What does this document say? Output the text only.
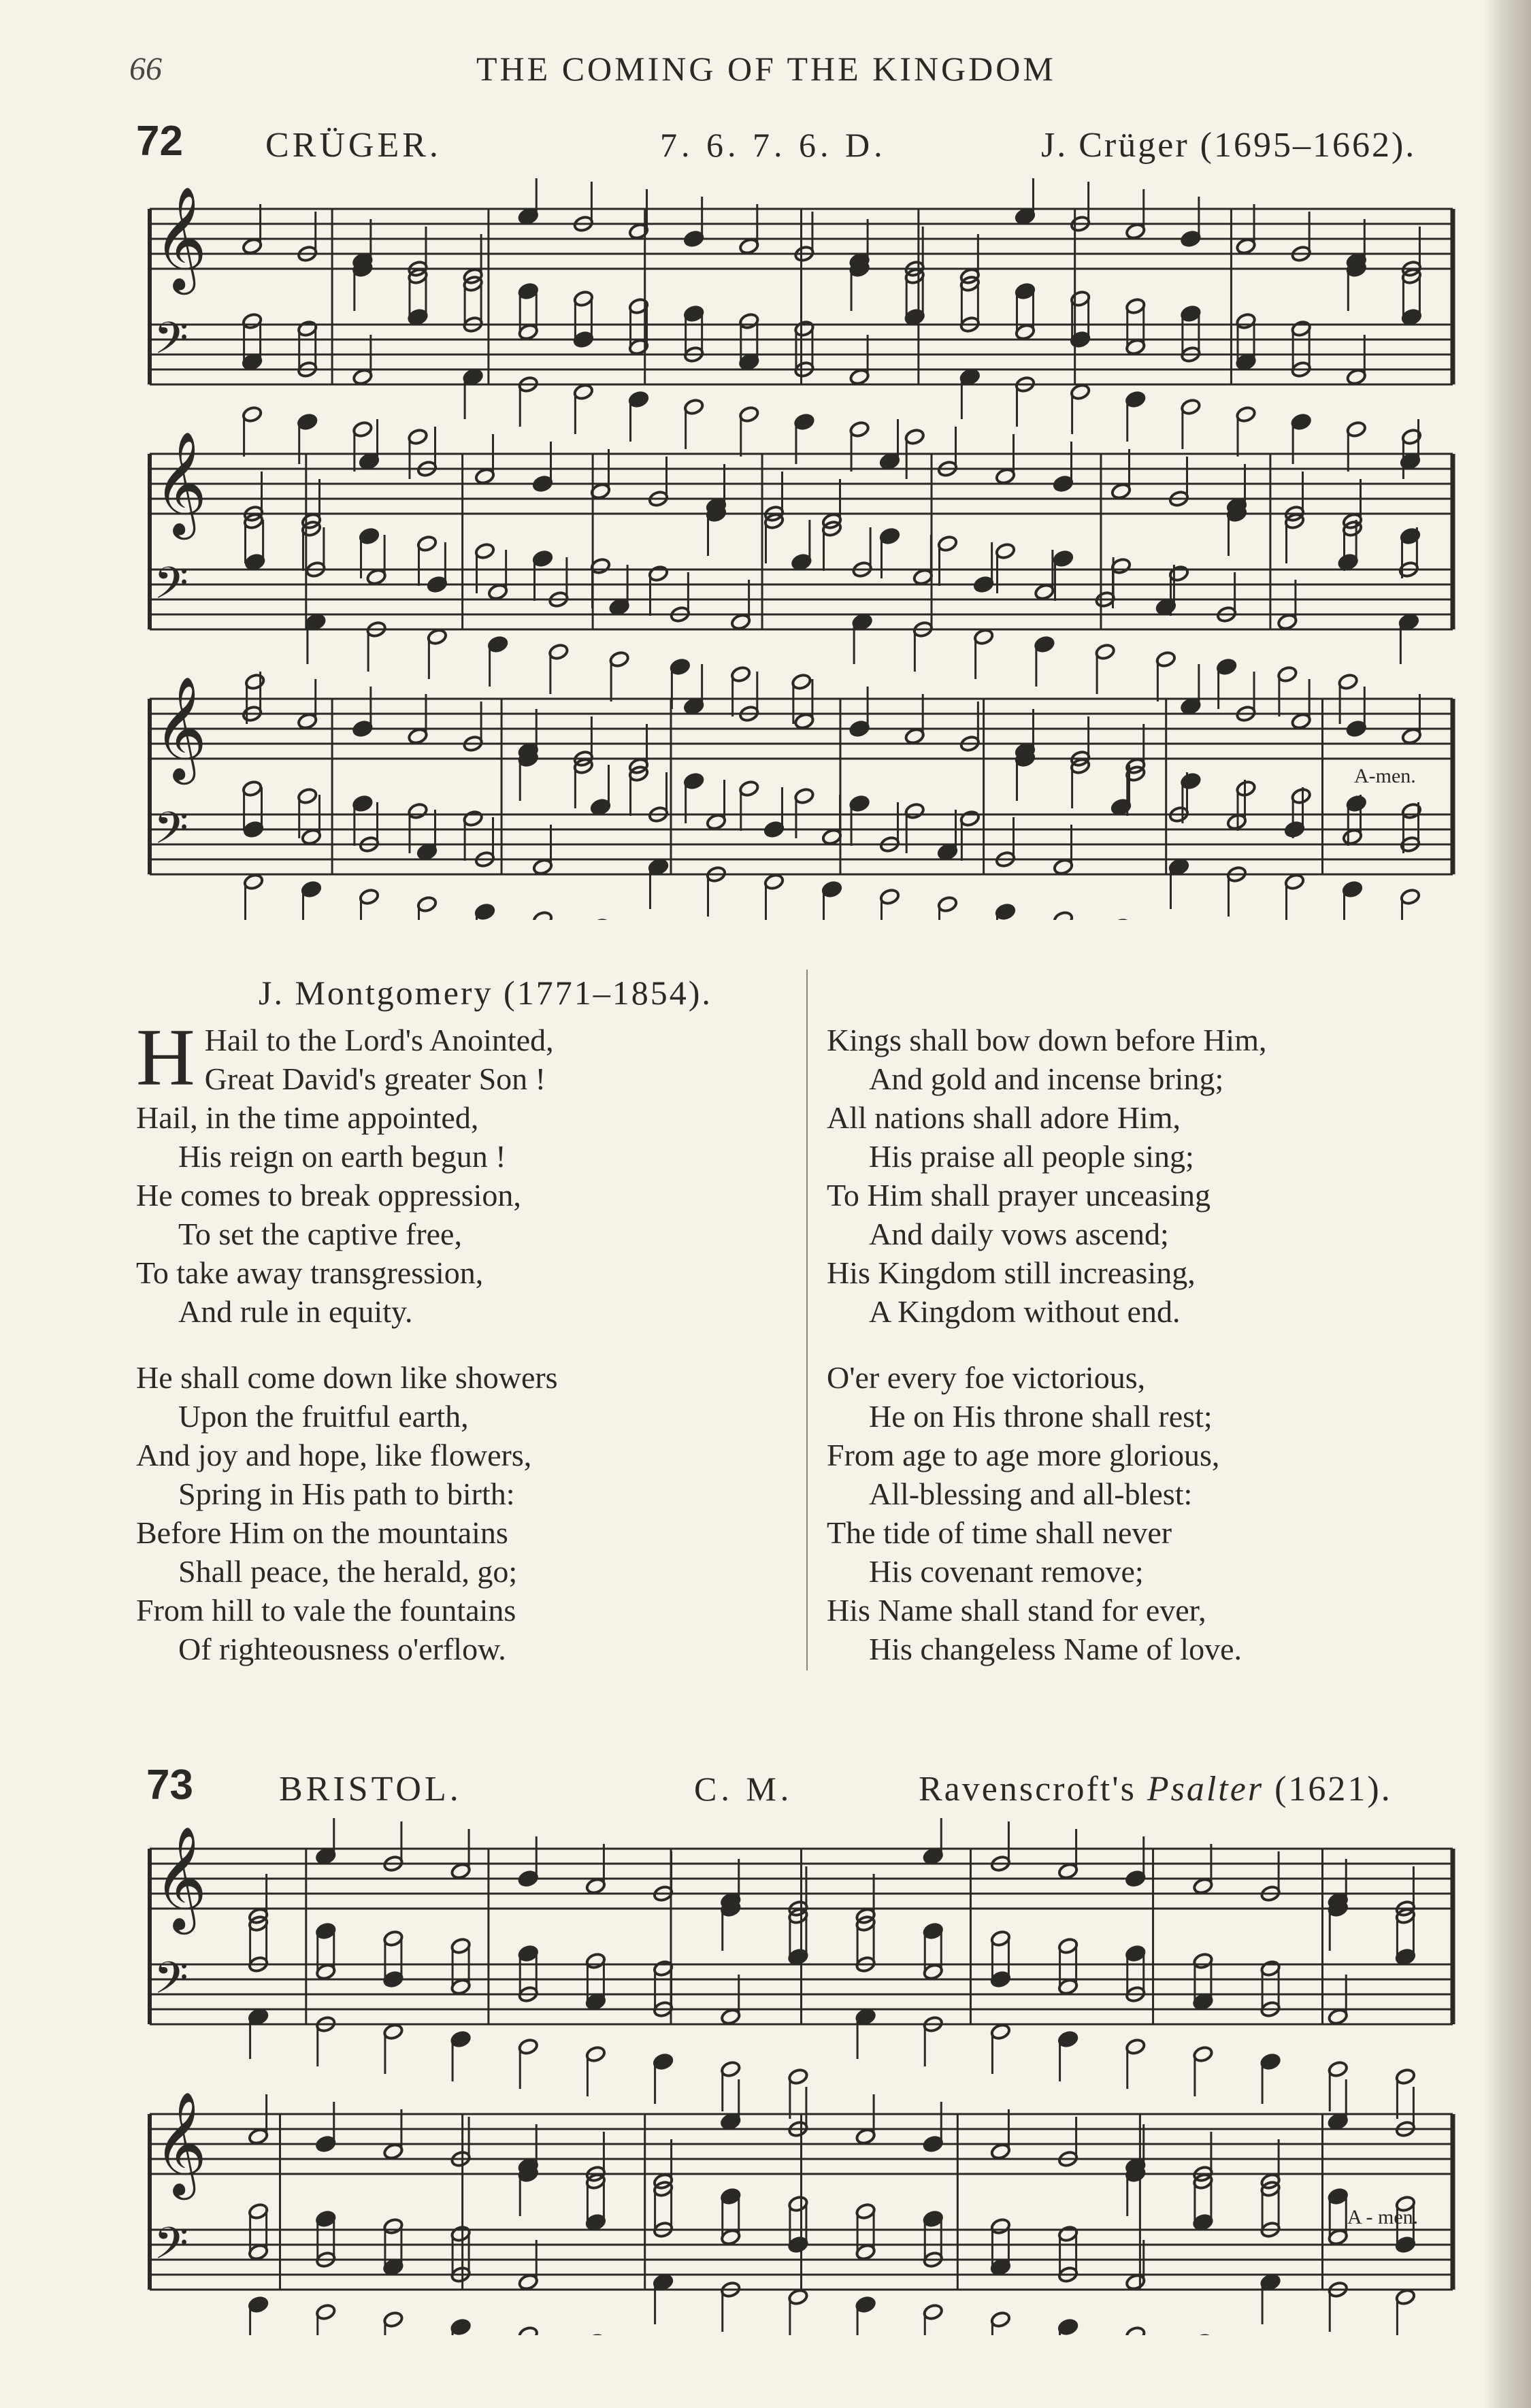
66	THE COMING OF THE KINGDOM
72 CRÜGER.	7. 6. 7. 6. D.	J. Crüger (1695–1662).
𝄞
𝄢
𝄞
𝄢
𝄞
𝄢
A-men.
J. Montgomery (1771–1854).
H Hail to the Lord's Anointed,
Great David's greater Son !
Hail, in the time appointed,
His reign on earth begun !
He comes to break oppression,
To set the captive free,
To take away transgression,
And rule in equity.
He shall come down like showers
Upon the fruitful earth,
And joy and hope, like flowers,
Spring in His path to birth:
Before Him on the mountains
Shall peace, the herald, go;
From hill to vale the fountains
Of righteousness o'erflow.
Kings shall bow down before Him,
And gold and incense bring;
All nations shall adore Him,
His praise all people sing;
To Him shall prayer unceasing
And daily vows ascend;
His Kingdom still increasing,
A Kingdom without end.
O'er every foe victorious,
He on His throne shall rest;
From age to age more glorious,
All-blessing and all-blest:
The tide of time shall never
His covenant remove;
His Name shall stand for ever,
His changeless Name of love.
73 BRISTOL.	C. M.	Ravenscroft's Psalter (1621).
𝄞
𝄢
𝄞
𝄢	A - men.
